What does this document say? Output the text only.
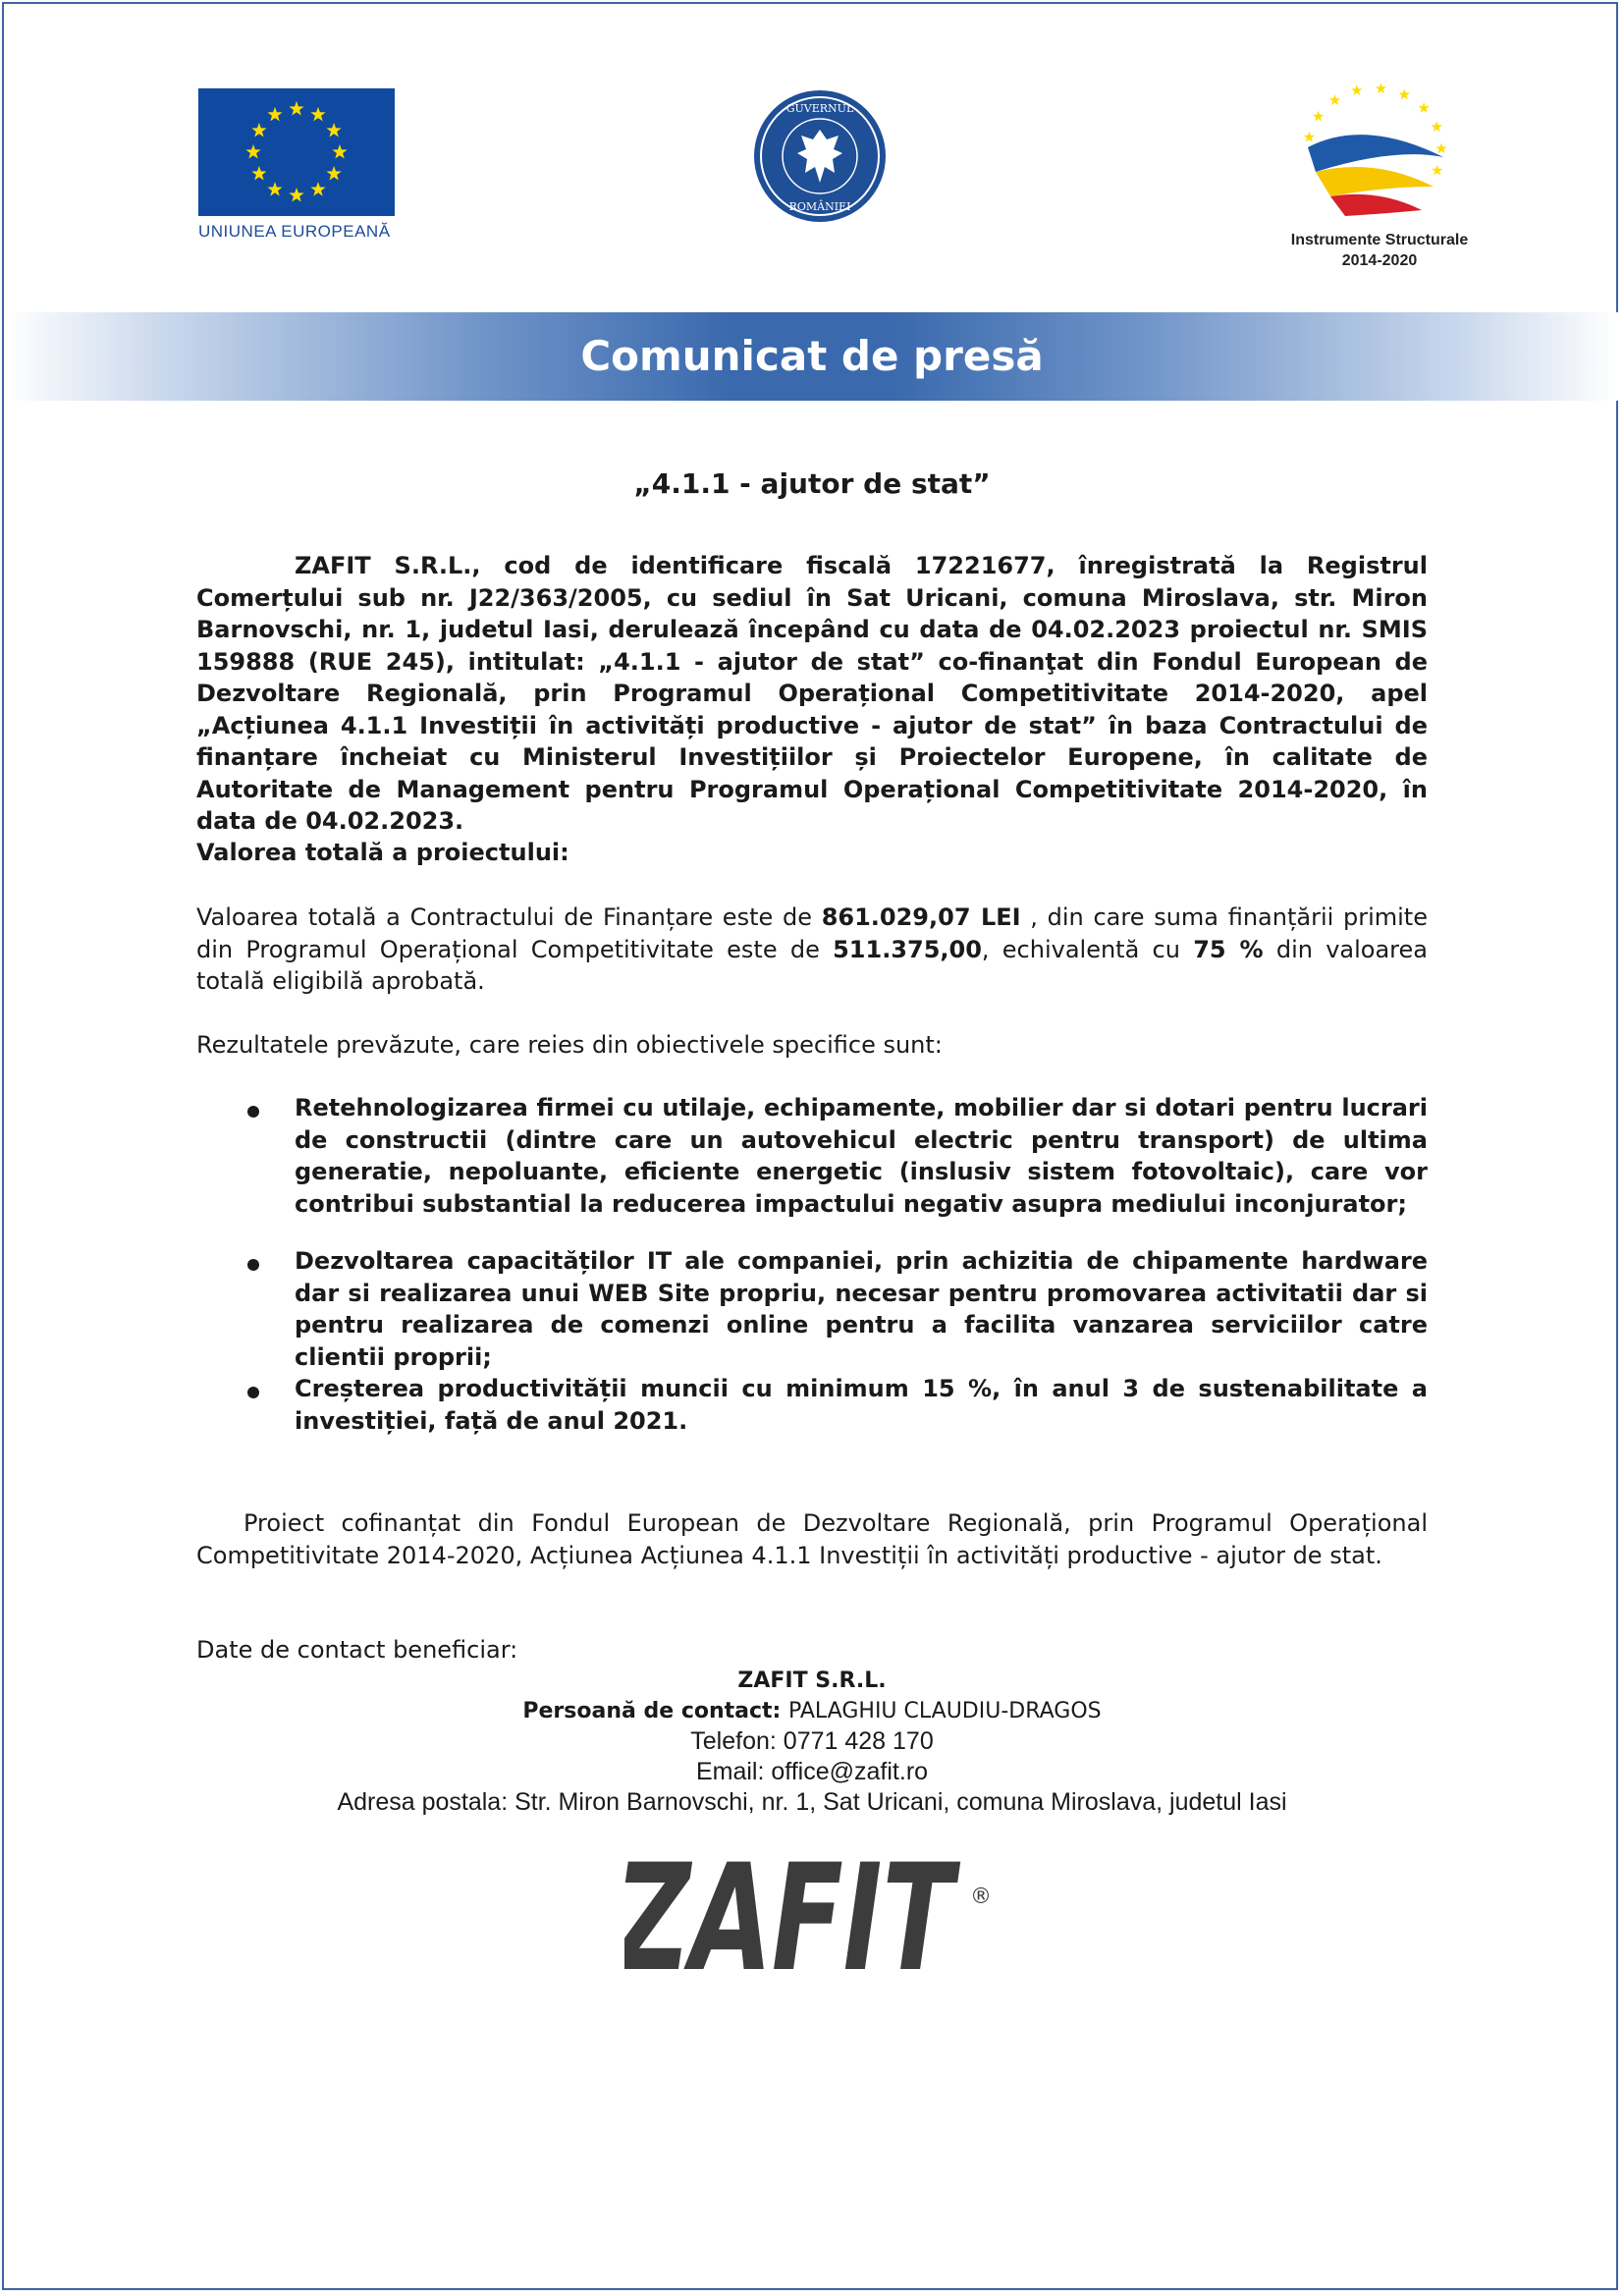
UNIUNEA EUROPEANĂ
GUVERNUL
ROMÂNIEI
Instrumente Structurale
2014-2020
Comunicat de presă
„4.1.1 - ajutor de stat”
ZAFIT S.R.L., cod de identificare fiscală 17221677, înregistrată la Registrul Comerțului sub nr. J22/363/2005, cu sediul în Sat Uricani, comuna Miroslava, str. Miron Barnovschi, nr. 1, judetul Iasi, derulează începând cu data de 04.02.2023 proiectul nr. SMIS 159888 (RUE 245), intitulat: „4.1.1 - ajutor de stat” co-finanţat din Fondul European de Dezvoltare Regională, prin Programul Operațional Competitivitate 2014-2020, apel „Acțiunea 4.1.1 Investiții în activități productive - ajutor de stat” în baza Contractului de finanțare încheiat cu Ministerul Investițiilor și Proiectelor Europene, în calitate de Autoritate de Management pentru Programul Operațional Competitivitate 2014-2020, în data de 04.02.2023.
Valorea totală a proiectului:
Valoarea totală a Contractului de Finanțare este de 861.029,07 LEI , din care suma finanțării primite din Programul Operațional Competitivitate este de 511.375,00, echivalentă cu 75 % din valoarea totală eligibilă aprobată.
Rezultatele prevăzute, care reies din obiectivele specifice sunt:
Retehnologizarea firmei cu utilaje, echipamente, mobilier dar si dotari pentru lucrari de constructii (dintre care un autovehicul electric pentru transport) de ultima generatie, nepoluante, eficiente energetic (inslusiv sistem fotovoltaic), care vor contribui substantial la reducerea impactului negativ asupra mediului inconjurator;
Dezvoltarea capacităților IT ale companiei, prin achizitia de chipamente hardware dar si realizarea unui WEB Site propriu, necesar pentru promovarea activitatii dar si pentru realizarea de comenzi online pentru a facilita vanzarea serviciilor catre clientii proprii;
Creșterea productivității muncii cu minimum 15 %, în anul 3 de sustenabilitate a investiției, față de anul 2021.
Proiect cofinanțat din Fondul European de Dezvoltare Regională, prin Programul Operațional Competitivitate 2014-2020, Acțiunea Acțiunea 4.1.1 Investiții în activități productive - ajutor de stat.
Date de contact beneficiar:
ZAFIT S.R.L.
Persoană de contact: PALAGHIU CLAUDIU-DRAGOS
Telefon: 0771 428 170
Email: office@zafit.ro
Adresa postala: Str. Miron Barnovschi, nr. 1, Sat Uricani, comuna Miroslava, judetul Iasi
ZAFIT
®
